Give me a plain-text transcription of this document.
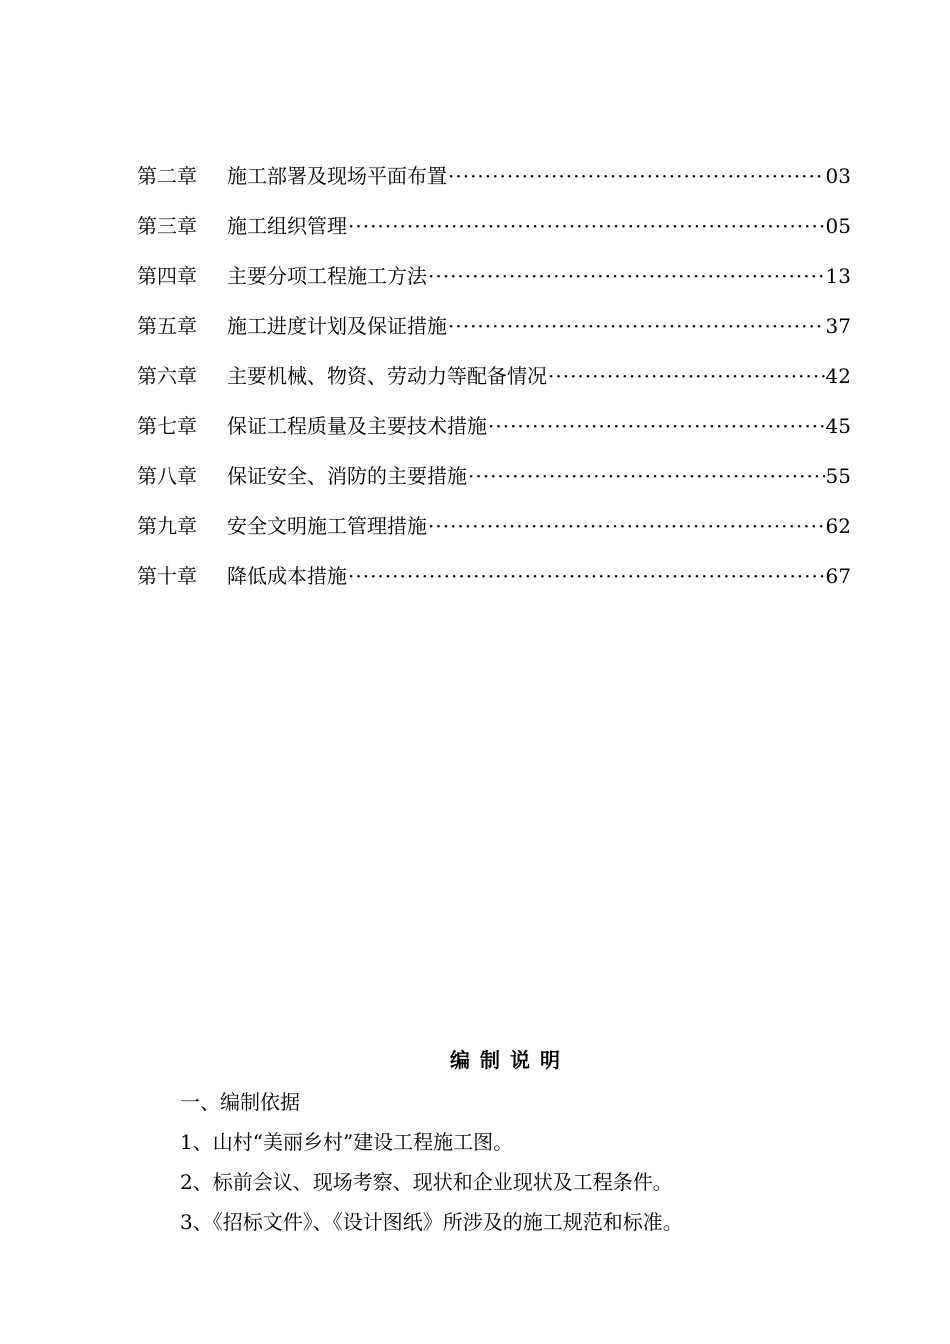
第二章	施工部署及现场平面布置 ·····	03
第三章	施工组织管理 ·····	05
第四章	主要分项工程施工方法 ·····	13
第五章	施工进度计划及保证措施 ·····	37
第六章	主要机械、物资、劳动力等配备情况 ·····	42
第七章	保证工程质量及主要技术措施 ·····	45
第八章	保证安全、消防的主要措施 ·····	55
第九章	安全文明施工管理措施 ·····	62
第十章	降低成本措施 ·····	67
编制说明
一、编制依据
1、山村“美丽乡村”建设工程施工图。
2、标前会议、现场考察、现状和企业现状及工程条件。
3、《招标文件》、《设计图纸》所涉及的施工规范和标准。
